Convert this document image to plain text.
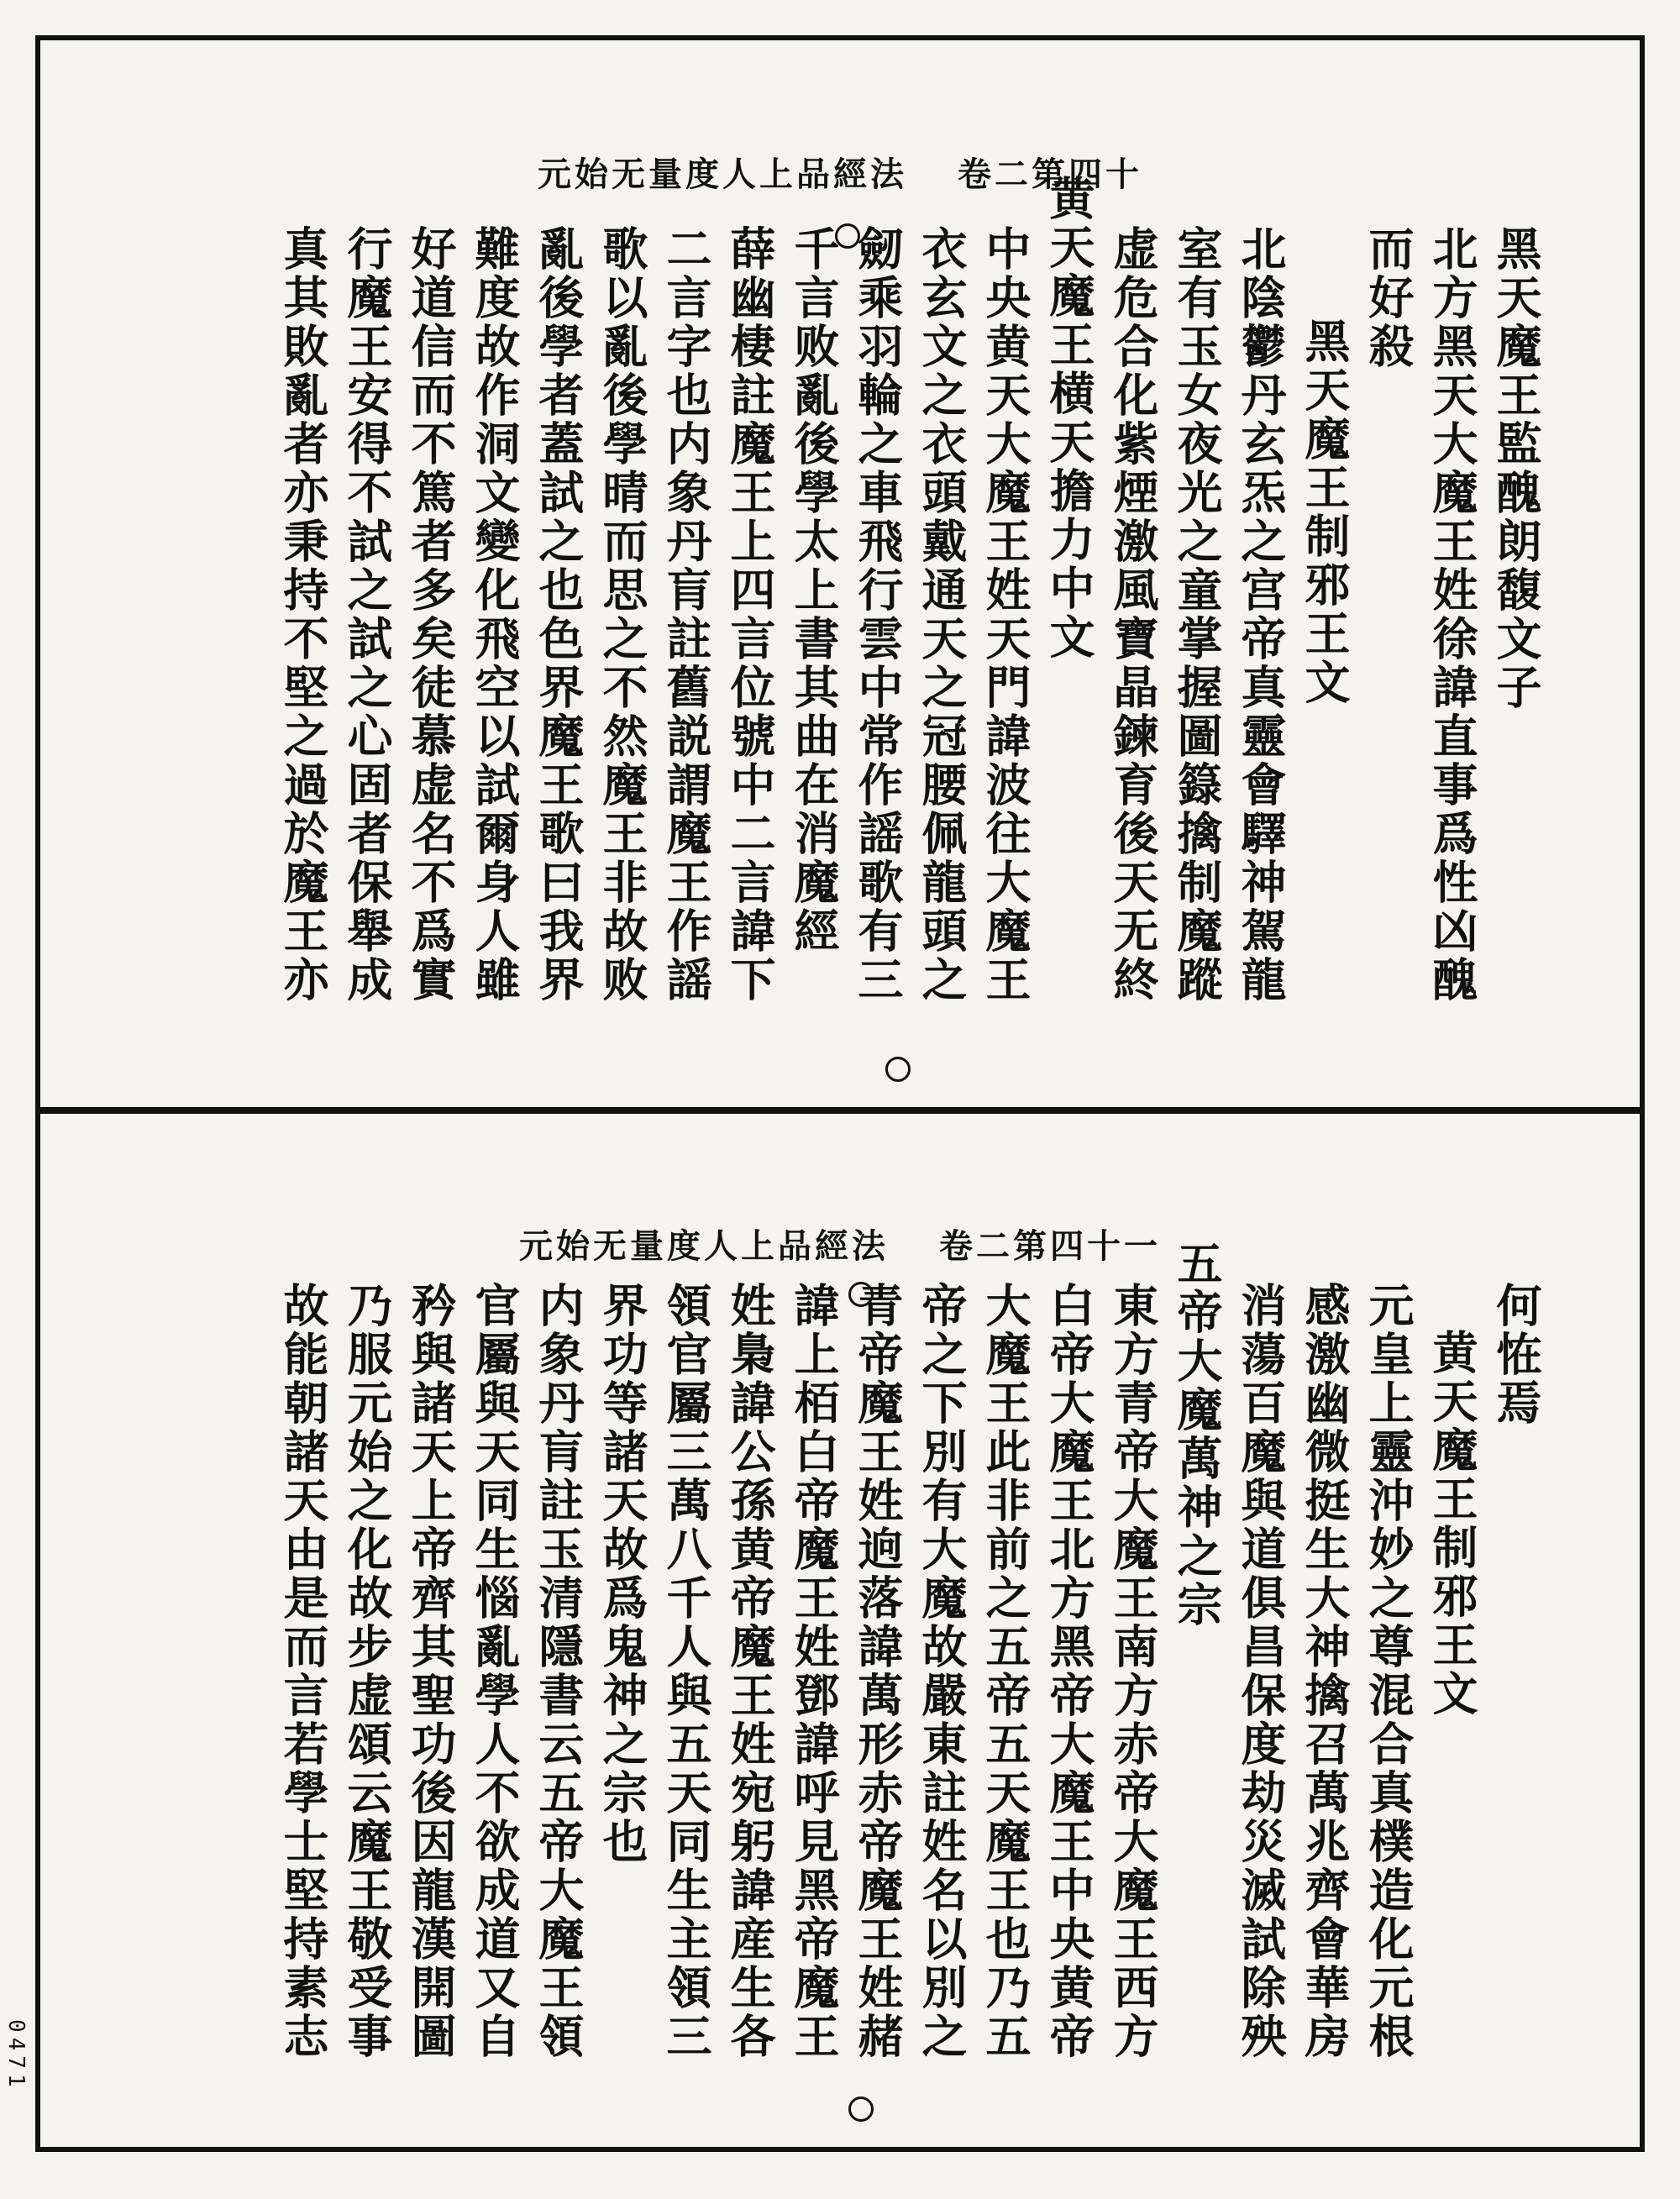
元始无量度人上品經法 卷二第四十
黑天魔王監醜朗馥文子
北方黑天大魔王姓徐諱直事爲性凶醜
而好殺
黑天魔王制邪王文
北陰鬱丹玄炁之宫帝真靈會驛神駕龍
室有玉女夜光之童掌握圖籙擒制魔蹤
虚危合化紫煙激風寶晶鍊育後天无終
黄天魔王横天擔力中文
中央黄天大魔王姓天門諱波往大魔王
衣玄文之衣頭戴通天之冠腰佩龍頭之
劒乘羽輪之車飛行雲中常作謡歌有三
千言败亂後學太上書其曲在消魔經
薛幽棲註魔王上四言位號中二言諱下
二言字也内象丹肓註舊説謂魔王作謡
歌以亂後學晴而思之不然魔王非故败
亂後學者蓋試之也色界魔王歌曰我界
難度故作洞文變化飛空以試爾身人雖
好道信而不篤者多矣徒慕虚名不爲實
行魔王安得不試之試之心固者保舉成
真其敗亂者亦秉持不堅之過於魔王亦
元始无量度人上品經法 卷二第四十一
何恠焉
黄天魔王制邪王文
元皇上靈沖妙之尊混合真樸造化元根
感激幽微挺生大神擒召萬兆齊會華房
消蕩百魔與道俱昌保度劫災滅試除殃
五帝大魔萬神之宗
東方青帝大魔王南方赤帝大魔王西方
白帝大魔王北方黑帝大魔王中央黄帝
大魔王此非前之五帝五天魔王也乃五
帝之下別有大魔故嚴東註姓名以別之
青帝魔王姓逈落諱萬形赤帝魔王姓赭
諱上栢白帝魔王姓鄧諱呼見黑帝魔王
姓梟諱公孫黄帝魔王姓宛躬諱産生各
領官屬三萬八千人與五天同生主領三
界功等諸天故爲鬼神之宗也
内象丹肓註玉清隱書云五帝大魔王領
官屬與天同生惱亂學人不欲成道又自
矜與諸天上帝齊其聖功後因龍漢開圖
乃服元始之化故步虚頌云魔王敬受事
故能朝諸天由是而言若學士堅持素志
0471
